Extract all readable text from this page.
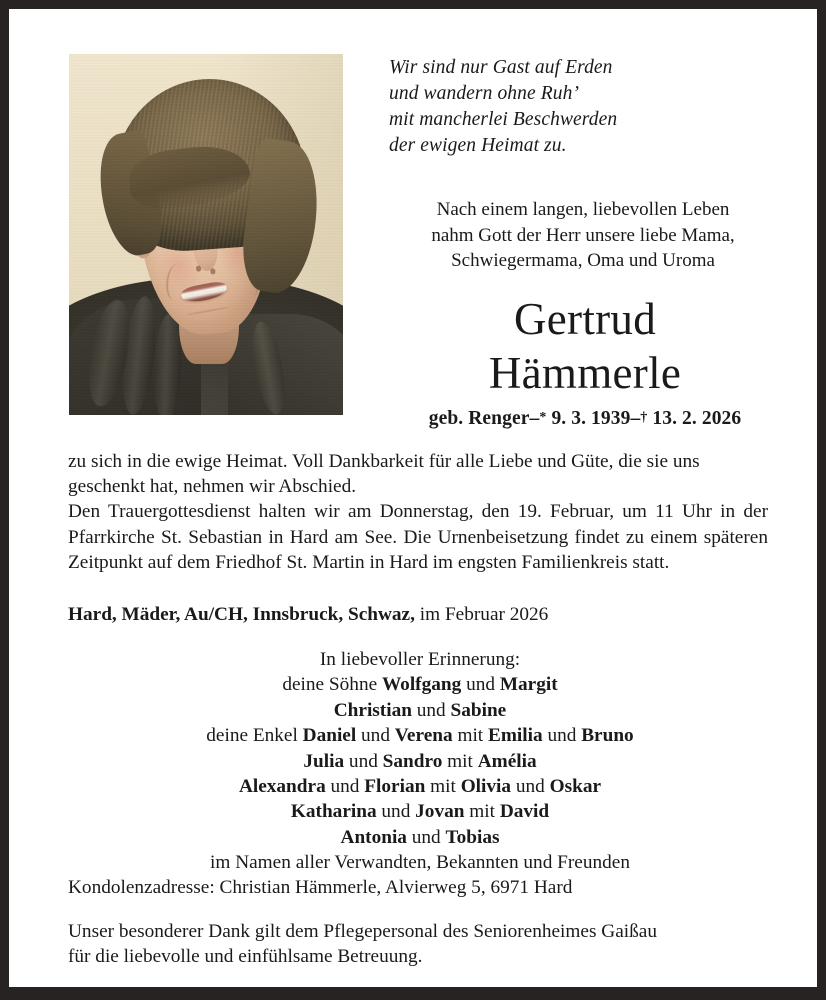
Wir sind nur Gast auf Erden
und wandern ohne Ruh’
mit mancherlei Beschwerden
der ewigen Heimat zu.
Nach einem langen, liebevollen Leben
nahm Gott der Herr unsere liebe Mama,
Schwiegermama, Oma und Uroma
Gertrud
Hämmerle
geb. Renger–* 9. 3. 1939–† 13. 2. 2026

zu sich in die ewige Heimat. Voll Dankbarkeit für alle Liebe und Güte, die sie uns geschenkt hat, nehmen wir Abschied.

Den Trauergottesdienst halten wir am Donnerstag, den 19. Februar, um 11 Uhr in der Pfarrkirche St. Sebastian in Hard am See. Die Urnenbeisetzung findet zu einem späteren Zeitpunkt auf dem Friedhof St. Martin in Hard im engsten Familienkreis statt.

Hard, Mäder, Au/CH, Innsbruck, Schwaz, im Februar 2026
In liebevoller Erinnerung:
deine Söhne Wolfgang und Margit
Christian und Sabine
deine Enkel Daniel und Verena mit Emilia und Bruno
Julia und Sandro mit Amélia
Alexandra und Florian mit Olivia und Oskar
Katharina und Jovan mit David
Antonia und Tobias
im Namen aller Verwandten, Bekannten und Freunden
Kondolenzadresse: Christian Hämmerle, Alvierweg 5, 6971 Hard
Unser besonderer Dank gilt dem Pflegepersonal des Seniorenheimes Gaißau
für die liebevolle und einfühlsame Betreuung.
